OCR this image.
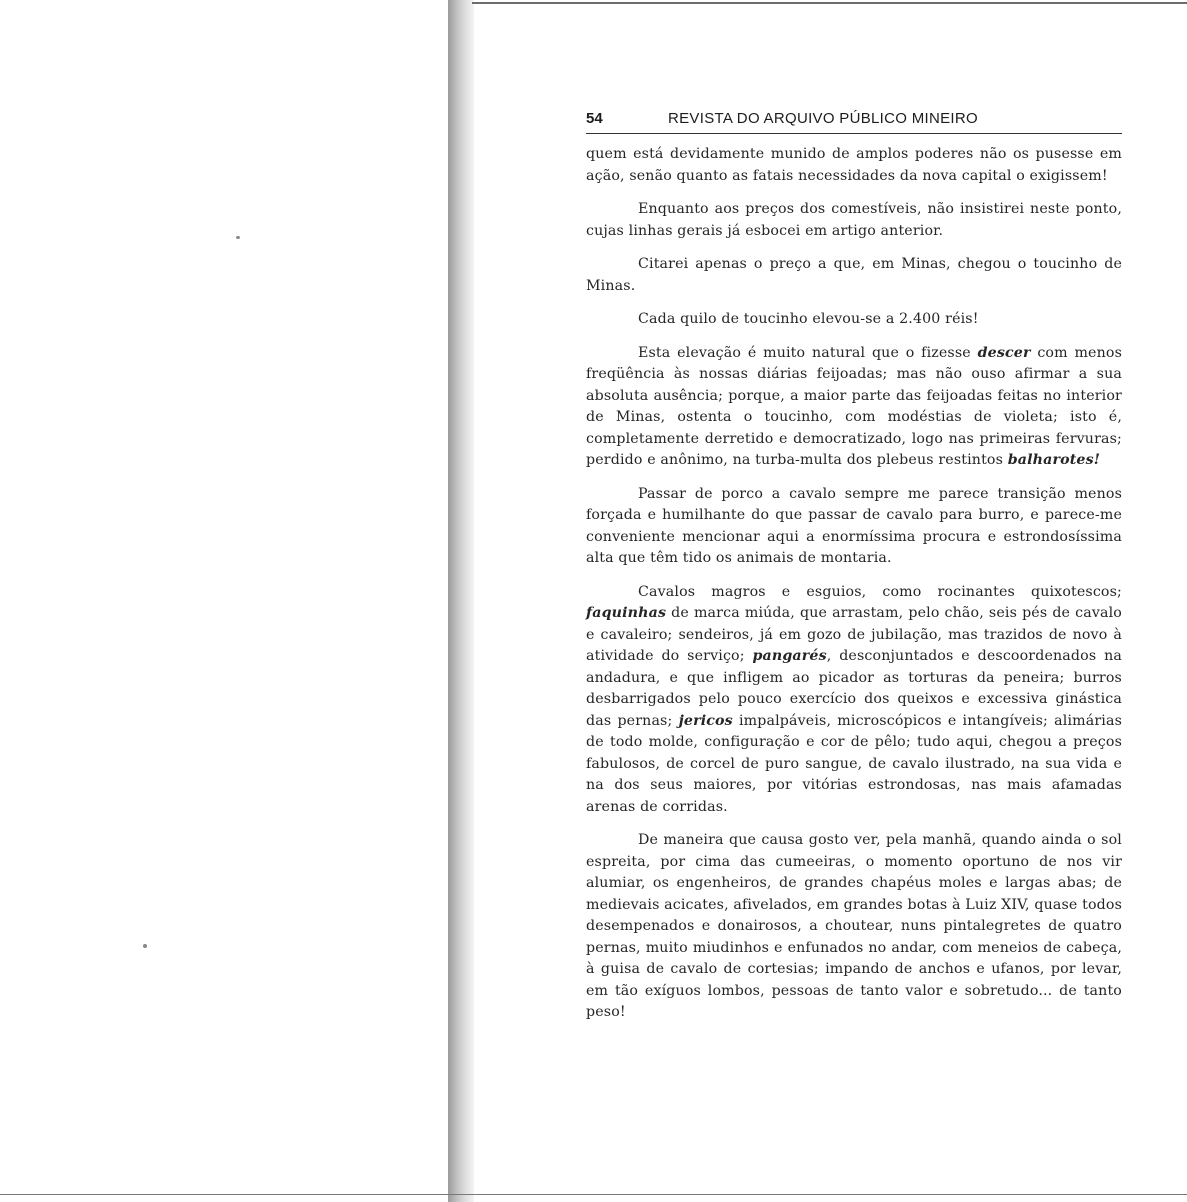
54	REVISTA DO ARQUIVO PÚBLICO MINEIRO

quem está devidamente munido de amplos poderes não os pusesse em ação, senão quanto as fatais necessidades da nova capital o exigissem!

Enquanto aos preços dos comestíveis, não insistirei neste ponto, cujas linhas gerais já esbocei em artigo anterior.

Citarei apenas o preço a que, em Minas, chegou o toucinho de Minas.

Cada quilo de toucinho elevou-se a 2.400 réis!

Esta elevação é muito natural que o fizesse descer com menos freqüência às nossas diárias feijoadas; mas não ouso afirmar a sua absoluta ausência; porque, a maior parte das feijoadas feitas no interior de Minas, ostenta o toucinho, com modéstias de violeta; isto é, completamente derretido e democratizado, logo nas primeiras fervuras; perdido e anônimo, na turba-multa dos plebeus restintos balharotes!

Passar de porco a cavalo sempre me parece transição menos forçada e humilhante do que passar de cavalo para burro, e parece-me conveniente mencionar aqui a enormíssima procura e estrondosíssima alta que têm tido os animais de montaria.

Cavalos magros e esguios, como rocinantes quixotescos; faquinhas de marca miúda, que arrastam, pelo chão, seis pés de cavalo e cavaleiro; sendeiros, já em gozo de jubilação, mas trazidos de novo à atividade do serviço; pangarés, desconjuntados e descoordenados na andadura, e que infligem ao picador as torturas da peneira; burros desbarrigados pelo pouco exercício dos queixos e excessiva ginástica das pernas; jericos impalpáveis, microscópicos e intangíveis; alimárias de todo molde, configuração e cor de pêlo; tudo aqui, chegou a preços fabulosos, de corcel de puro sangue, de cavalo ilustrado, na sua vida e na dos seus maiores, por vitórias estrondosas, nas mais afamadas arenas de corridas.

De maneira que causa gosto ver, pela manhã, quando ainda o sol espreita, por cima das cumeeiras, o momento oportuno de nos vir alumiar, os engenheiros, de grandes chapéus moles e largas abas; de medievais acicates, afivelados, em grandes botas à Luiz XIV, quase todos desempenados e donairosos, a choutear, nuns pintalegretes de quatro pernas, muito miudinhos e enfunados no andar, com meneios de cabeça, à guisa de cavalo de cortesias; impando de anchos e ufanos, por levar, em tão exíguos lombos, pessoas de tanto valor e sobretudo... de tanto peso!
